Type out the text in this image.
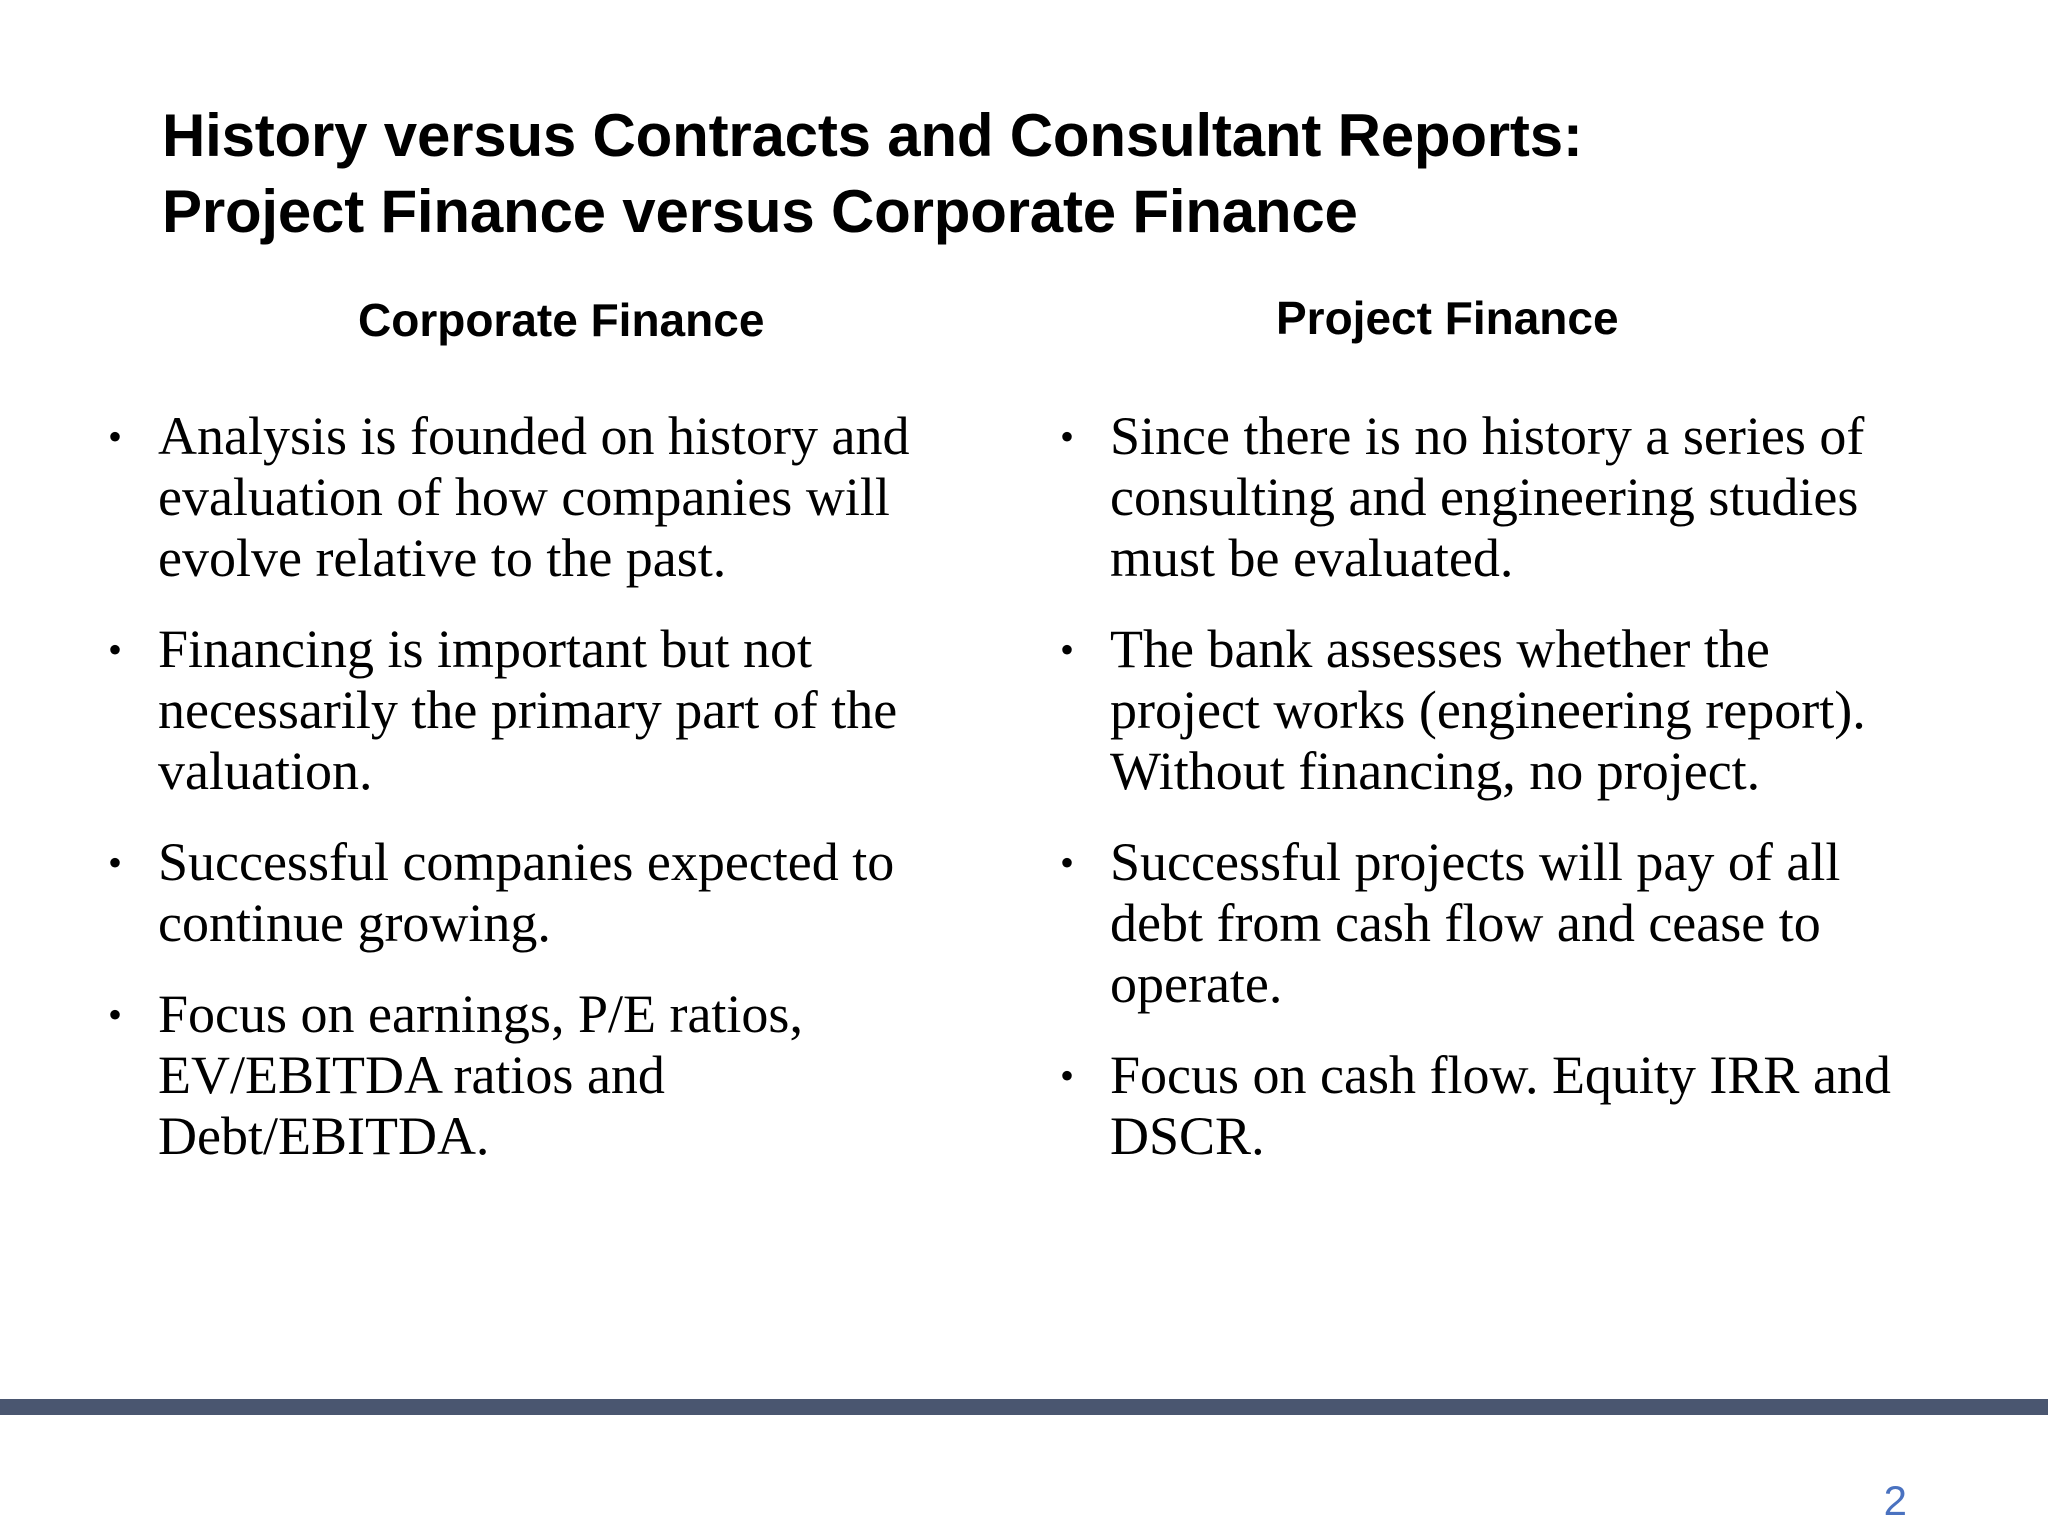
History versus Contracts and Consultant Reports:
Project Finance versus Corporate Finance
Corporate Finance
• Analysis is founded on history and
evaluation of how companies will
evolve relative to the past.
• Financing is important but not
necessarily the primary part of the
valuation.
• Successful companies expected to
continue growing.
• Focus on earnings, P/E ratios,
EV/EBITDA ratios and
Debt/EBITDA.
Project Finance
• Since there is no history a series of
consulting and engineering studies
must be evaluated.
• The bank assesses whether the
project works (engineering report).
Without financing, no project.
• Successful projects will pay of all
debt from cash flow and cease to
operate.
• Focus on cash flow. Equity IRR and
DSCR.
2
